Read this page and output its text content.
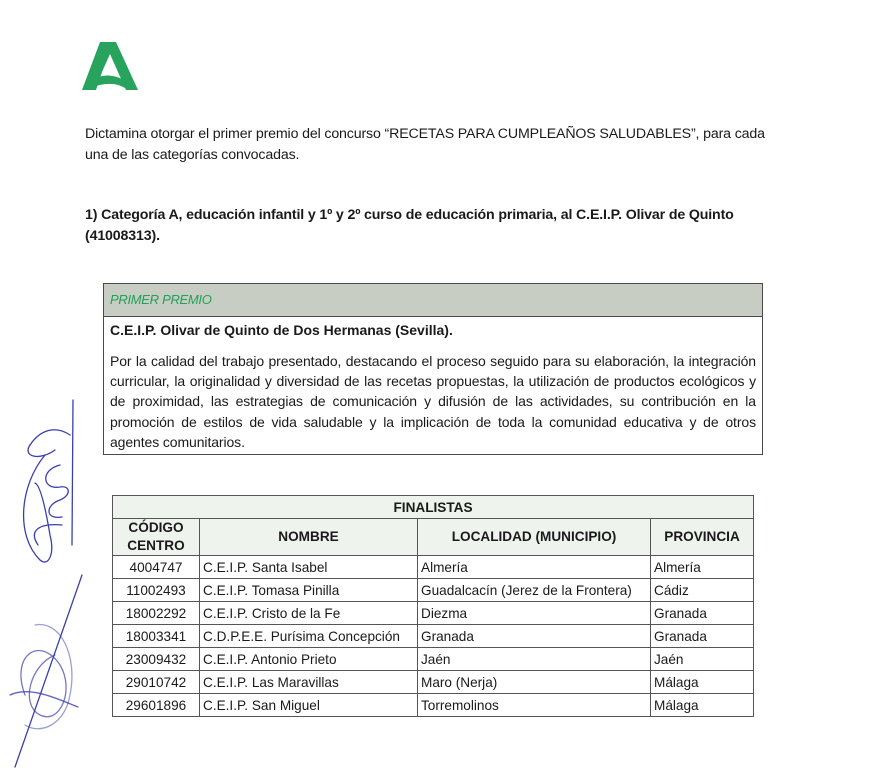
Dictamina otorgar el primer premio del concurso “RECETAS PARA CUMPLEAÑOS SALUDABLES”, para cada una de las categorías convocadas.
1) Categoría A, educación infantil y 1º y 2º curso de educación primaria, al C.E.I.P. Olivar de Quinto (41008313).
PRIMER PREMIO
C.E.I.P. Olivar de Quinto de Dos Hermanas (Sevilla).
Por la calidad del trabajo presentado, destacando el proceso seguido para su elaboración, la integración curricular, la originalidad y diversidad de las recetas propuestas, la utilización de productos ecológicos y de proximidad, las estrategias de comunicación y difusión de las actividades, su contribución en la promoción de estilos de vida saludable y la implicación de toda la comunidad educativa y de otros agentes comunitarios.
FINALISTAS			
CÓDIGO CENTRO	NOMBRE	LOCALIDAD (MUNICIPIO)	PROVINCIA
4004747	C.E.I.P. Santa Isabel	Almería	Almería
11002493	C.E.I.P. Tomasa Pinilla	Guadalcacín (Jerez de la Frontera)	Cádiz
18002292	C.E.I.P. Cristo de la Fe	Diezma	Granada
18003341	C.D.P.E.E. Purísima Concepción	Granada	Granada
23009432	C.E.I.P. Antonio Prieto	Jaén	Jaén
29010742	C.E.I.P. Las Maravillas	Maro (Nerja)	Málaga
29601896	C.E.I.P. San Miguel	Torremolinos	Málaga
